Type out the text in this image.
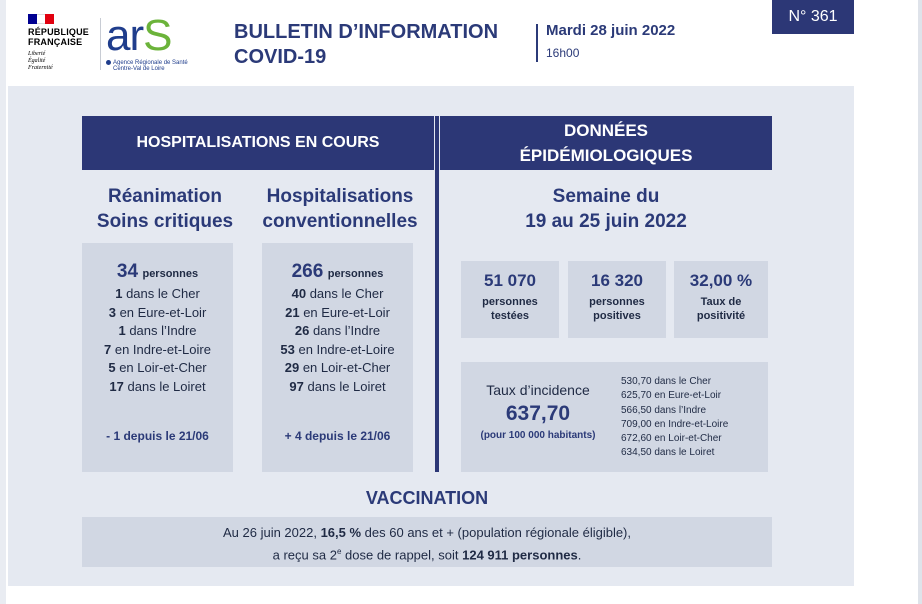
RÉPUBLIQUE
FRANÇAISE
Liberté
Égalité
Fraternité
arS
Agence Régionale de Santé
Centre-Val de Loire
BULLETIN D’INFORMATION
COVID-19
Mardi 28 juin 2022
16h00
N° 361
HOSPITALISATIONS EN COURS
DONNÉES
ÉPIDÉMIOLOGIQUES
Réanimation
Soins critiques
Hospitalisations
conventionnelles
Semaine du
19 au 25 juin 2022
34 personnes
1 dans le Cher
3 en Eure-et-Loir
1 dans l’Indre
7 en Indre-et-Loire
5 en Loir-et-Cher
17 dans le Loiret
- 1 depuis le 21/06
266 personnes
40 dans le Cher
21 en Eure-et-Loir
26 dans l’Indre
53 en Indre-et-Loire
29 en Loir-et-Cher
97 dans le Loiret
+ 4 depuis le 21/06
51 070
personnes
testées
16 320
personnes
positives
32,00 %
Taux de
positivité
Taux d’incidence
637,70
(pour 100 000 habitants)
530,70 dans le Cher
625,70 en Eure-et-Loir
566,50 dans l’Indre
709,00 en Indre-et-Loire
672,60 en Loir-et-Cher
634,50 dans le Loiret
VACCINATION
Au 26 juin 2022, 16,5 % des 60 ans et + (population régionale éligible),
a reçu sa 2e dose de rappel, soit 124 911 personnes.
